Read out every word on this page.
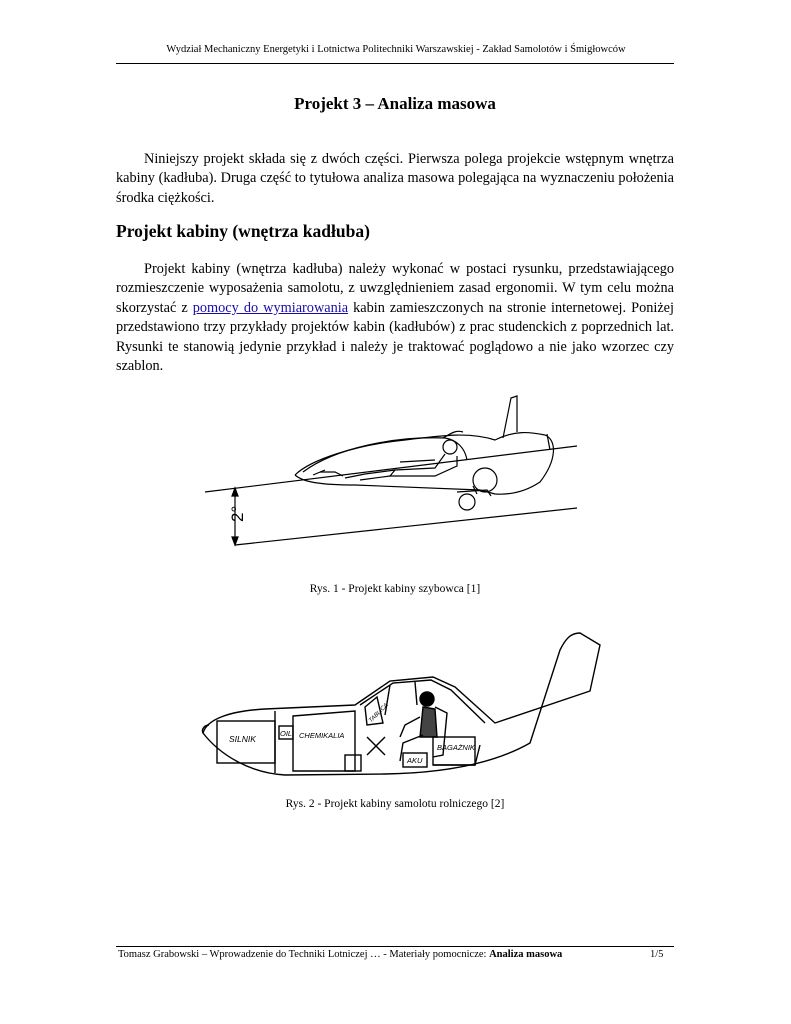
Wydział Mechaniczny Energetyki i Lotnictwa Politechniki Warszawskiej - Zakład Samolotów i Śmigłowców
Projekt 3 – Analiza masowa

Niniejszy projekt składa się z dwóch części. Pierwsza polega projekcie wstępnym wnętrza kabiny (kadłuba). Druga część to tytułowa analiza masowa polegająca na wyznaczeniu położenia środka ciężkości.

Projekt kabiny (wnętrza kadłuba)

Projekt kabiny (wnętrza kadłuba) należy wykonać w postaci rysunku, przedstawiającego rozmieszczenie wyposażenia samolotu, z uwzględnieniem zasad ergonomii. W tym celu można skorzystać z pomocy do wymiarowania kabin zamieszczonych na stronie internetowej. Poniżej przedstawiono trzy przykłady projektów kabin (kadłubów) z prac studenckich z poprzednich lat. Rysunki te stanowią jedynie przykład i należy je traktować poglądowo a nie jako wzorzec czy szablon.

2°
Rys. 1 - Projekt kabiny szybowca [1]
SILNIK
OIL CHEMIKALIA
TABLICA
BAGAŻNIK
AKU
Rys. 2 - Projekt kabiny samolotu rolniczego [2]
Tomasz Grabowski – Wprowadzenie do Techniki Lotniczej … - Materiały pomocnicze: Analiza masowa	1/5
